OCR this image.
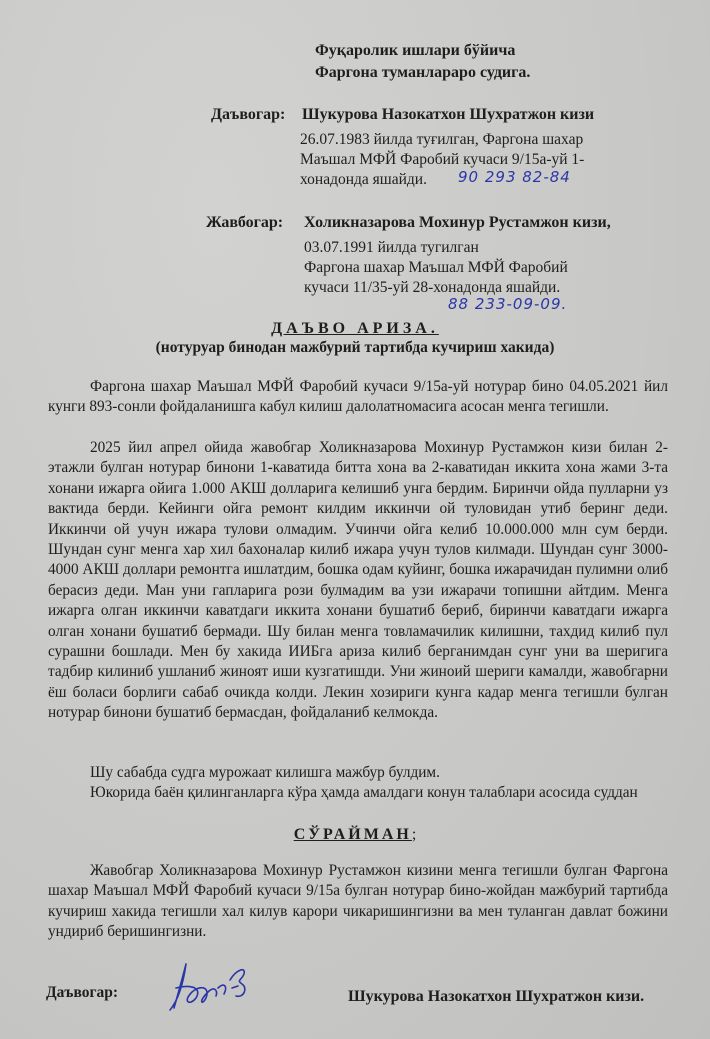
Фуқаролик ишлари бўйича
Фаргона туманлараро судига.
Даъвогар: Шукурова Назокатхон Шухратжон кизи
26.07.1983 йилда туғилган, Фаргона шахар
Маъшал МФЙ Фаробий кучаси 9/15а-уй 1-
хонадонда яшайди. 90 293 82-84
Жавбогар: Холикназарова Мохинур Рустамжон кизи,
03.07.1991 йилда тугилган
Фаргона шахар Маъшал МФЙ Фаробий
кучаси 11/35-уй 28-хонадонда яшайди.
88 233-09-09.
ДАЪВО АРИЗА.
(нотуруар бинодан мажбурий тартибда кучириш хакида)
Фаргона шахар Маъшал МФЙ Фаробий кучаси 9/15а-уй нотурар бино 04.05.2021 йил кунги 893-сонли фойдаланишга кабул килиш далолатномасига асосан менга тегишли.
2025 йил апрел ойида жавобгар Холикназарова Мохинур Рустамжон кизи билан 2-этажли булган нотурар бинони 1-каватида битта хона ва 2-каватидан иккита хона жами 3-та хонани ижарга ойига 1.000 АКШ долларига келишиб унга бердим. Биринчи ойда пулларни уз вактида берди. Кейинги ойга ремонт килдим иккинчи ой туловидан утиб беринг деди. Иккинчи ой учун ижара тулови олмадим. Учинчи ойга келиб 10.000.000 млн сум берди. Шундан сунг менга хар хил бахоналар килиб ижара учун тулов килмади. Шундан сунг 3000-4000 АКШ доллари ремонтга ишлатдим, бошка одам куйинг, бошка ижарачидан пулимни олиб берасиз деди. Ман уни гапларига рози булмадим ва узи ижарачи топишни айтдим. Менга ижарга олган иккинчи каватдаги иккита хонани бушатиб бериб, биринчи каватдаги ижарга олган хонани бушатиб бермади. Шу билан менга товламачилик килишни, тахдид килиб пул сурашни бошлади. Мен бу хакида ИИБга ариза килиб берганимдан сунг уни ва шеригига тадбир килиниб ушланиб жиноят иши кузгатишди. Уни жиноий шериги камалди, жавобгарни ёш боласи борлиги сабаб очикда колди. Лекин хозириги кунга кадар менга тегишли булган нотурар бинони бушатиб бермасдан, фойдаланиб келмокда.
Шу сабабда судга мурожаат килишга мажбур булдим.
Юкорида баён қилинганларга кўра ҳамда амалдаги конун талаблари асосида суддан
СЎРАЙМАН;
Жавобгар Холикназарова Мохинур Рустамжон кизини менга тегишли булган Фаргона шахар Маъшал МФЙ Фаробий кучаси 9/15а булган нотурар бино-жойдан мажбурий тартибда кучириш хакида тегишли хал килув карори чикаришингизни ва мен туланган давлат божини ундириб беришингизни.
Даъвогар:	Шукурова Назокатхон Шухратжон кизи.
